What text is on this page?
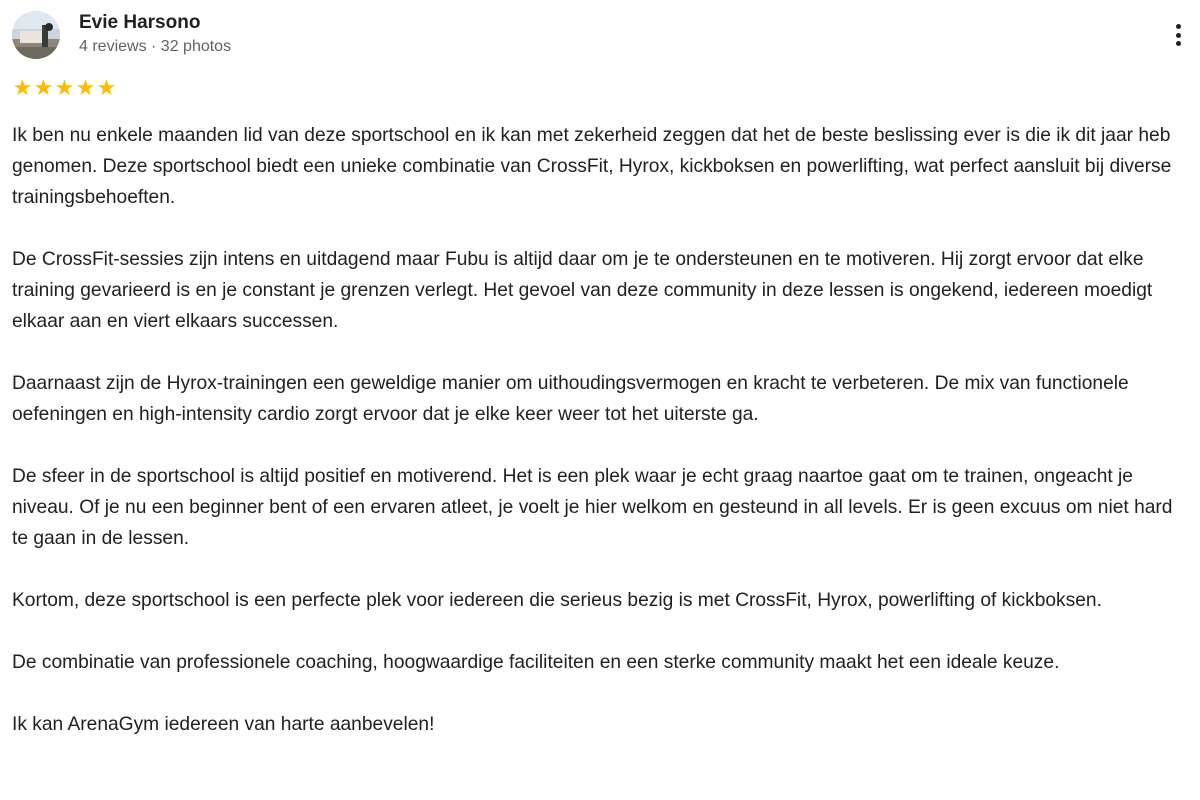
Evie Harsono
4 reviews · 32 photos
★ ★ ★ ★ ★

Ik ben nu enkele maanden lid van deze sportschool en ik kan met zekerheid zeggen dat het de beste beslissing ever is die ik dit jaar heb genomen. Deze sportschool biedt een unieke combinatie van CrossFit, Hyrox, kickboksen en powerlifting, wat perfect aansluit bij diverse trainingsbehoeften.

De CrossFit-sessies zijn intens en uitdagend maar Fubu is altijd daar om je te ondersteunen en te motiveren. Hij zorgt ervoor dat elke training gevarieerd is en je constant je grenzen verlegt. Het gevoel van deze community in deze lessen is ongekend, iedereen moedigt elkaar aan en viert elkaars successen.

Daarnaast zijn de Hyrox-trainingen een geweldige manier om uithoudingsvermogen en kracht te verbeteren. De mix van functionele oefeningen en high-intensity cardio zorgt ervoor dat je elke keer weer tot het uiterste ga.

De sfeer in de sportschool is altijd positief en motiverend. Het is een plek waar je echt graag naartoe gaat om te trainen, ongeacht je niveau. Of je nu een beginner bent of een ervaren atleet, je voelt je hier welkom en gesteund in all levels. Er is geen excuus om niet hard te gaan in de lessen.

Kortom, deze sportschool is een perfecte plek voor iedereen die serieus bezig is met CrossFit, Hyrox, powerlifting of kickboksen.

De combinatie van professionele coaching, hoogwaardige faciliteiten en een sterke community maakt het een ideale keuze.

Ik kan ArenaGym iedereen van harte aanbevelen!
